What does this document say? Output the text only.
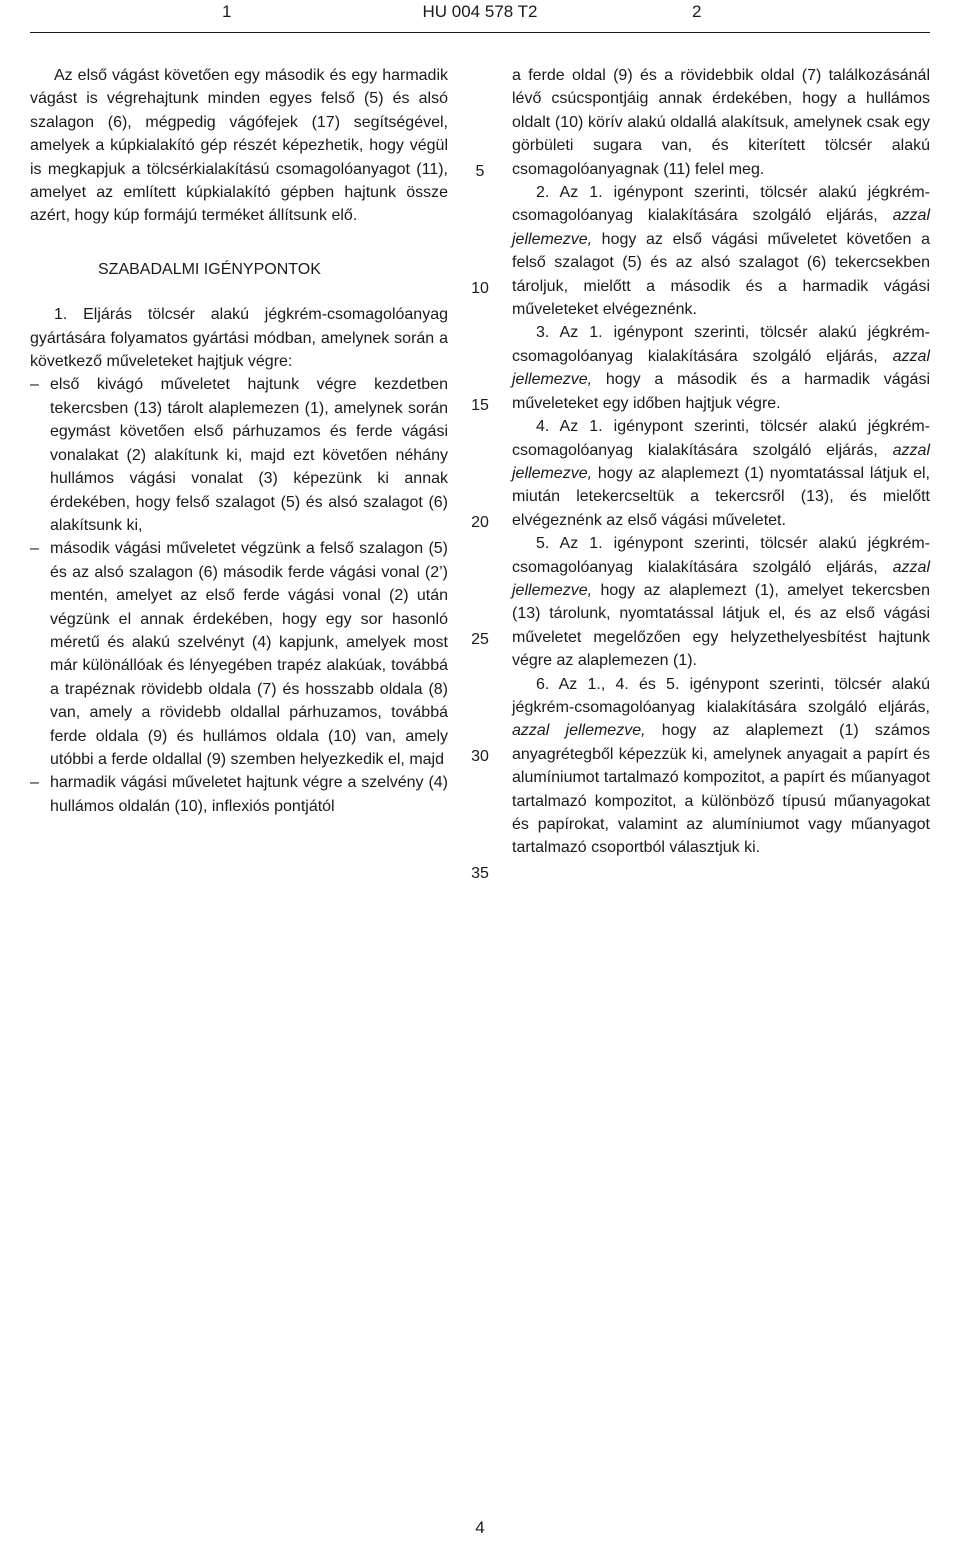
1	HU 004 578 T2	2

Az első vágást követően egy második és egy harmadik vágást is végrehajtunk minden egyes felső (5) és alsó szalagon (6), mégpedig vágófejek (17) segítségével, amelyek a kúpkialakító gép részét képezhetik, hogy végül is megkapjuk a tölcsérkialakítású csomagolóanyagot (11), amelyet az említett kúpkialakító gépben hajtunk össze azért, hogy kúp formájú terméket állítsunk elő.

SZABADALMI IGÉNYPONTOK

1. Eljárás tölcsér alakú jégkrém-csomagolóanyag gyártására folyamatos gyártási módban, amelynek során a következő műveleteket hajtjuk végre:

– első kivágó műveletet hajtunk végre kezdetben tekercsben (13) tárolt alaplemezen (1), amelynek során egymást követően első párhuzamos és ferde vágási vonalakat (2) alakítunk ki, majd ezt követően néhány hullámos vágási vonalat (3) képezünk ki annak érdekében, hogy felső szalagot (5) és alsó szalagot (6) alakítsunk ki,
– második vágási műveletet végzünk a felső szalagon (5) és az alsó szalagon (6) második ferde vágási vonal (2’) mentén, amelyet az első ferde vágási vonal (2) után végzünk el annak érdekében, hogy egy sor hasonló méretű és alakú szelvényt (4) kapjunk, amelyek most már különállóak és lényegében trapéz alakúak, továbbá a trapéznak rövidebb oldala (7) és hosszabb oldala (8) van, amely a rövidebb oldallal párhuzamos, továbbá ferde oldala (9) és hullámos oldala (10) van, amely utóbbi a ferde oldallal (9) szemben helyezkedik el, majd
– harmadik vágási műveletet hajtunk végre a szelvény (4) hullámos oldalán (10), inflexiós pontjától
5
10
15
20
25
30
35

a ferde oldal (9) és a rövidebbik oldal (7) találkozásánál lévő csúcspontjáig annak érdekében, hogy a hullámos oldalt (10) körív alakú oldallá alakítsuk, amelynek csak egy görbületi sugara van, és kiterített tölcsér alakú csomagolóanyagnak (11) felel meg.

2. Az 1. igénypont szerinti, tölcsér alakú jégkrém-csomagolóanyag kialakítására szolgáló eljárás, azzal jellemezve, hogy az első vágási műveletet követően a felső szalagot (5) és az alsó szalagot (6) tekercsekben tároljuk, mielőtt a második és a harmadik vágási műveleteket elvégeznénk.

3. Az 1. igénypont szerinti, tölcsér alakú jégkrém-csomagolóanyag kialakítására szolgáló eljárás, azzal jellemezve, hogy a második és a harmadik vágási műveleteket egy időben hajtjuk végre.

4. Az 1. igénypont szerinti, tölcsér alakú jégkrém-csomagolóanyag kialakítására szolgáló eljárás, azzal jellemezve, hogy az alaplemezt (1) nyomtatással látjuk el, miután letekercseltük a tekercsről (13), és mielőtt elvégeznénk az első vágási műveletet.

5. Az 1. igénypont szerinti, tölcsér alakú jégkrém-csomagolóanyag kialakítására szolgáló eljárás, azzal jellemezve, hogy az alaplemezt (1), amelyet tekercsben (13) tárolunk, nyomtatással látjuk el, és az első vágási műveletet megelőzően egy helyzethelyesbítést hajtunk végre az alaplemezen (1).

6. Az 1., 4. és 5. igénypont szerinti, tölcsér alakú jégkrém-csomagolóanyag kialakítására szolgáló eljárás, azzal jellemezve, hogy az alaplemezt (1) számos anyagrétegből képezzük ki, amelynek anyagait a papírt és alumíniumot tartalmazó kompozitot, a papírt és műanyagot tartalmazó kompozitot, a különböző típusú műanyagokat és papírokat, valamint az alumíniumot vagy műanyagot tartalmazó csoportból választjuk ki.

4
